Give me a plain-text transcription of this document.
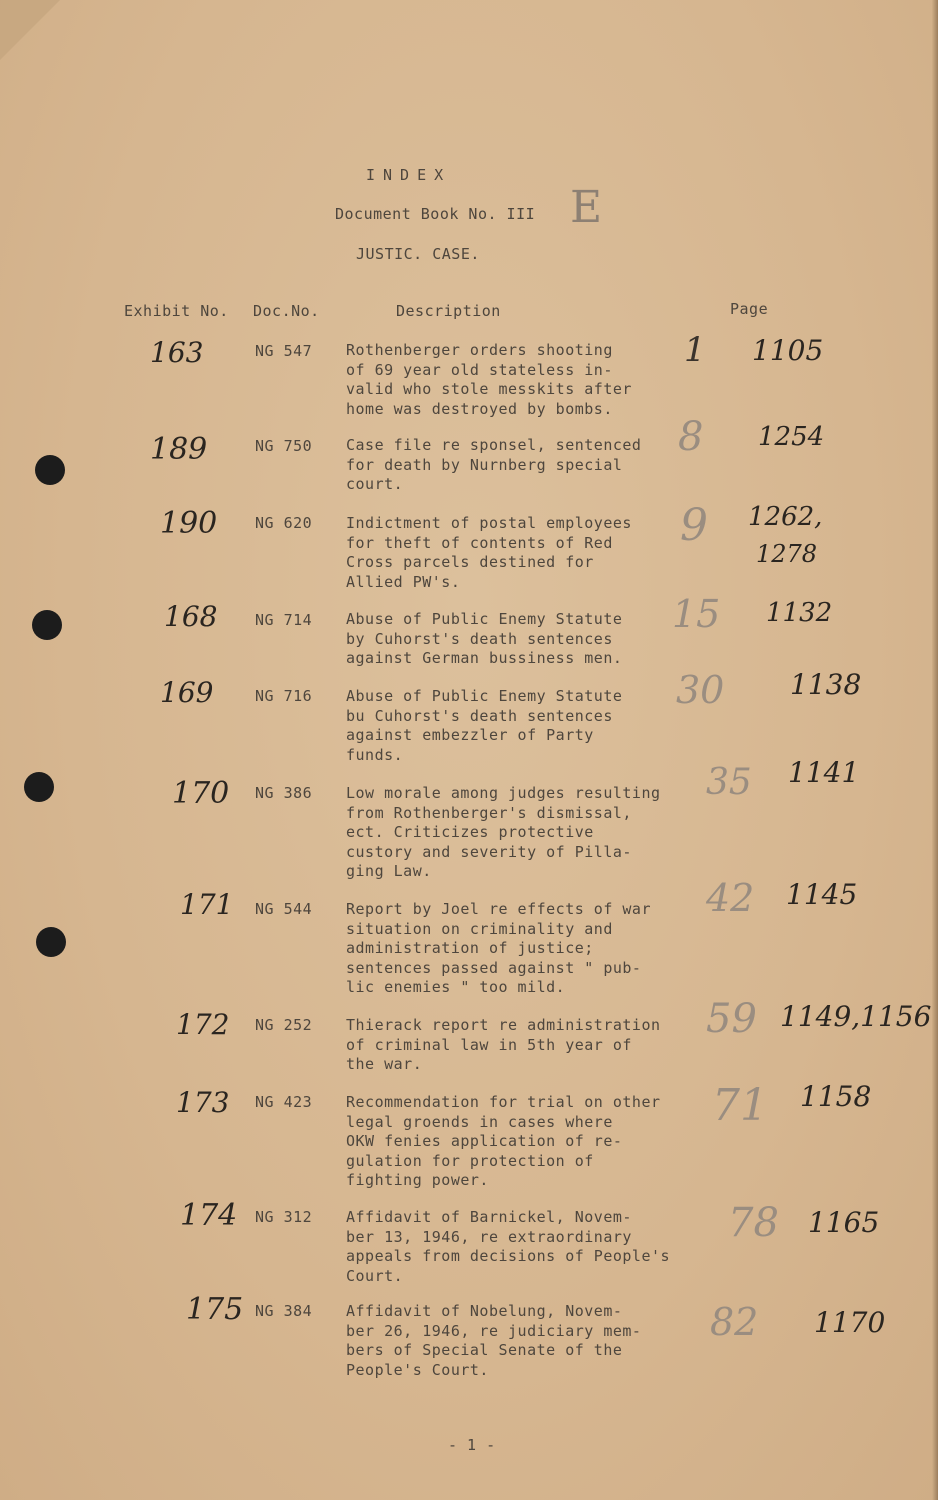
INDEX
Document Book No. III E
JUSTIC. CASE.
Exhibit No. Doc.No.	Description	Page
163	NG 547 Rothenberger orders shooting
of 69 year old stateless in-
valid who stole messkits after
home was destroyed by bombs.
1 1105
189	NG 750 Case file re sponsel, sentenced
for death by Nurnberg special
court.
8 1254
190	NG 620 Indictment of postal employees
for theft of contents of Red
Cross parcels destined for
Allied PW's.
9 1262,
1278
168	NG 714 Abuse of Public Enemy Statute
by Cuhorst's death sentences
against German bussiness men.
15 1132
169	NG 716 Abuse of Public Enemy Statute
bu Cuhorst's death sentences
against embezzler of Party
funds.
30 1138
170 NG 386 Low morale among judges resulting
from Rothenberger's dismissal,
ect. Criticizes protective
custory and severity of Pilla-
ging Law.
35 1141
171 NG 544 Report by Joel re effects of war
situation on criminality and
administration of justice;
sentences passed against " pub-
lic enemies " too mild.
42 1145
172 NG 252 Thierack report re administration
of criminal law in 5th year of
the war.
59 1149,1156
173 NG 423 Recommendation for trial on other
legal groends in cases where
OKW fenies application of re-
gulation for protection of
fighting power.
71 1158
174 NG 312 Affidavit of Barnickel, Novem-
ber 13, 1946, re extraordinary
appeals from decisions of People's
Court.
78 1165
175 NG 384 Affidavit of Nobelung, Novem-
ber 26, 1946, re judiciary mem-
bers of Special Senate of the
People's Court.
82 1170
- 1 -
